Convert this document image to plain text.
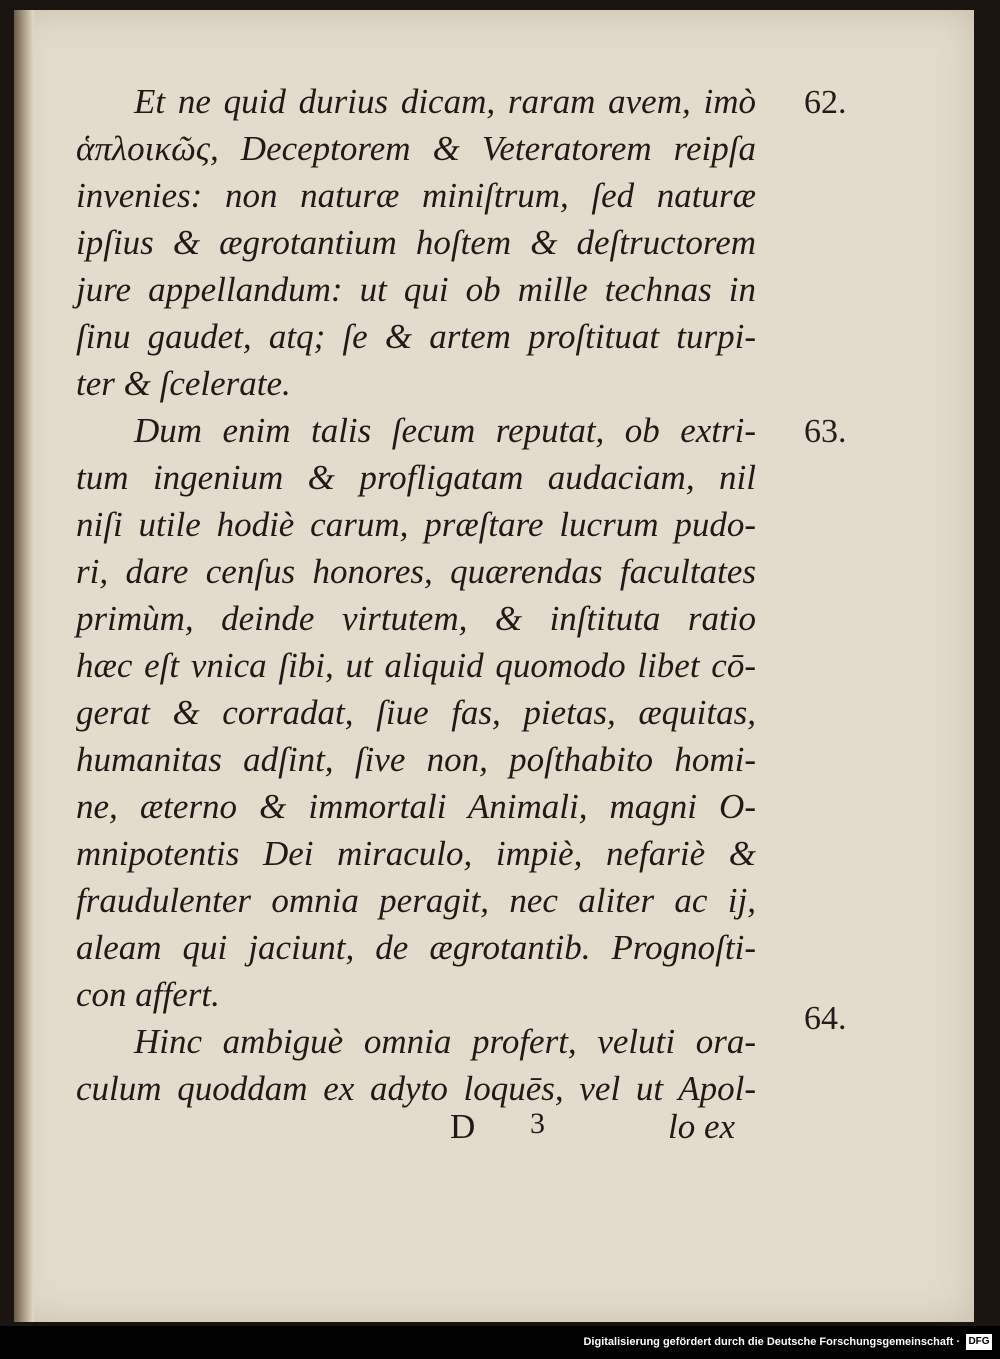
Et ne quid durius dicam, raram avem, imò
ἁπλοικῶς, Deceptorem & Veteratorem reipſa
invenies: non naturæ miniſtrum, ſed naturæ
ipſius & ægrotantium hoſtem & deſtructorem
jure appellandum: ut qui ob mille technas in
ſinu gaudet, atq; ſe & artem proſtituat turpi-
ter & ſcelerate.
Dum enim talis ſecum reputat, ob extri-
tum ingenium & profligatam audaciam, nil
niſi utile hodiè carum, præſtare lucrum pudo-
ri, dare cenſus honores, quærendas facultates
primùm, deinde virtutem, & inſtituta ratio
hæc eſt vnica ſibi, ut aliquid quomodo libet cō-
gerat & corradat, ſiue fas, pietas, æquitas,
humanitas adſint, ſive non, poſthabito homi-
ne, æterno & immortali Animali, magni O-
mnipotentis Dei miraculo, impiè, nefariè &
fraudulenter omnia peragit, nec aliter ac ij,
aleam qui jaciunt, de ægrotantib. Prognoſti-
con affert.
Hinc ambiguè omnia profert, veluti ora-
culum quoddam ex adyto loquēs, vel ut Apol-
62.
63.
64.
D 3	lo ex
Digitalisierung gefördert durch die Deutsche Forschungsgemeinschaft · DFG
